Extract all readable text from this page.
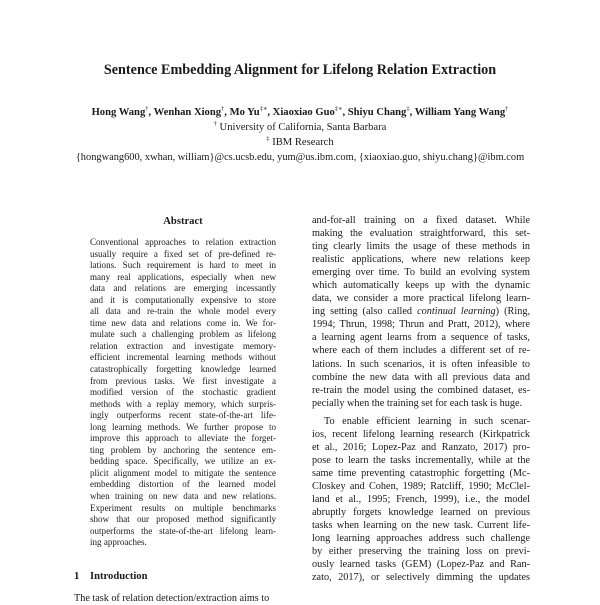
Sentence Embedding Alignment for Lifelong Relation Extraction
Hong Wang†, Wenhan Xiong†, Mo Yu‡∗, Xiaoxiao Guo‡∗, Shiyu Chang‡, William Yang Wang†
† University of California, Santa Barbara
‡ IBM Research
{hongwang600, xwhan, william}@cs.ucsb.edu, yum@us.ibm.com, {xiaoxiao.guo, shiyu.chang}@ibm.com
Abstract
Conventional approaches to relation extraction
usually require a fixed set of pre-defined re-
lations. Such requirement is hard to meet in
many real applications, especially when new
data and relations are emerging incessantly
and it is computationally expensive to store
all data and re-train the whole model every
time new data and relations come in. We for-
mulate such a challenging problem as lifelong
relation extraction and investigate memory-
efficient incremental learning methods without
catastrophically forgetting knowledge learned
from previous tasks. We first investigate a
modified version of the stochastic gradient
methods with a replay memory, which surpris-
ingly outperforms recent state-of-the-art life-
long learning methods. We further propose to
improve this approach to alleviate the forget-
ting problem by anchoring the sentence em-
bedding space. Specifically, we utilize an ex-
plicit alignment model to mitigate the sentence
embedding distortion of the learned model
when training on new data and new relations.
Experiment results on multiple benchmarks
show that our proposed method significantly
outperforms the state-of-the-art lifelong learn-
ing approaches.
1 Introduction
The task of relation detection/extraction aims to
and-for-all training on a fixed dataset. While
making the evaluation straightforward, this set-
ting clearly limits the usage of these methods in
realistic applications, where new relations keep
emerging over time. To build an evolving system
which automatically keeps up with the dynamic
data, we consider a more practical lifelong learn-
ing setting (also called continual learning) (Ring,
1994; Thrun, 1998; Thrun and Pratt, 2012), where
a learning agent learns from a sequence of tasks,
where each of them includes a different set of re-
lations. In such scenarios, it is often infeasible to
combine the new data with all previous data and
re-train the model using the combined dataset, es-
pecially when the training set for each task is huge.
To enable efficient learning in such scenar-
ios, recent lifelong learning research (Kirkpatrick
et al., 2016; Lopez-Paz and Ranzato, 2017) pro-
pose to learn the tasks incrementally, while at the
same time preventing catastrophic forgetting (Mc-
Closkey and Cohen, 1989; Ratcliff, 1990; McClel-
land et al., 1995; French, 1999), i.e., the model
abruptly forgets knowledge learned on previous
tasks when learning on the new task. Current life-
long learning approaches address such challenge
by either preserving the training loss on previ-
ously learned tasks (GEM) (Lopez-Paz and Ran-
zato, 2017), or selectively dimming the updates
